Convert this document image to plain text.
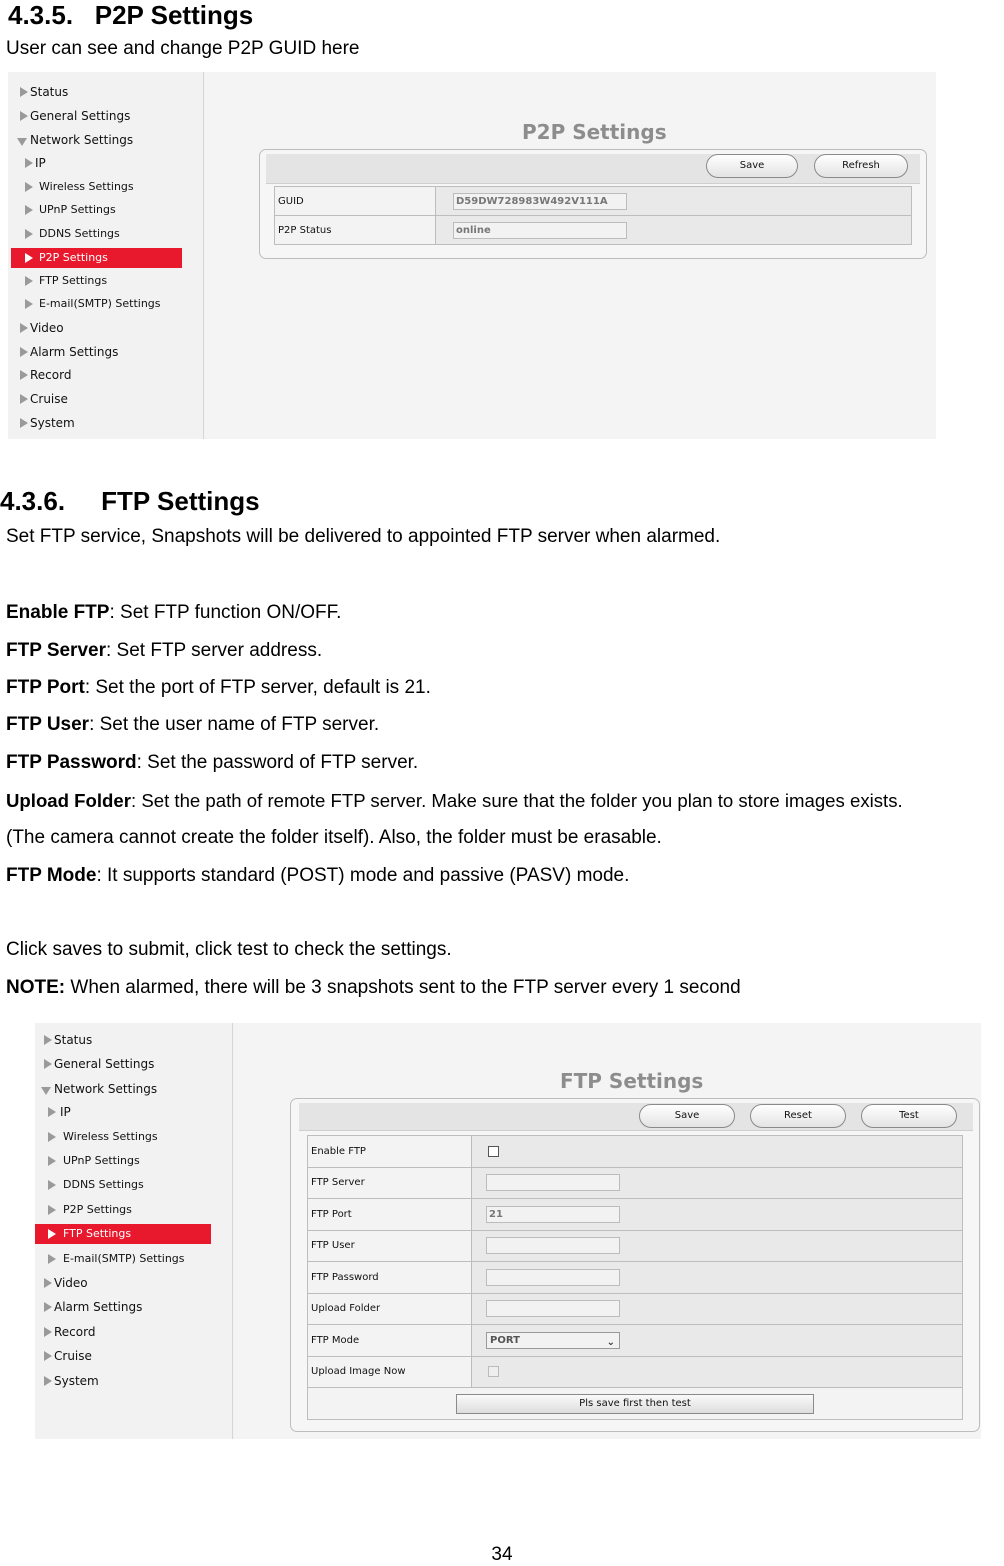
4.3.5.   P2P Settings
User can see and change P2P GUID here
Status
General Settings
Network Settings
IP
Wireless Settings
UPnP Settings
DDNS Settings
P2P Settings
FTP Settings
E-mail(SMTP) Settings
Video
Alarm Settings
Record
Cruise
System
P2P Settings
Save	Refresh
GUID	D59DW728983W492V111A
P2P Status	online
4.3.6.     FTP Settings
Set FTP service, Snapshots will be delivered to appointed FTP server when alarmed.
Enable FTP: Set FTP function ON/OFF.
FTP Server: Set FTP server address.
FTP Port: Set the port of FTP server, default is 21.
FTP User: Set the user name of FTP server.
FTP Password: Set the password of FTP server.
Upload Folder: Set the path of remote FTP server. Make sure that the folder you plan to store images exists.
(The camera cannot create the folder itself). Also, the folder must be erasable.
FTP Mode: It supports standard (POST) mode and passive (PASV) mode.
Click saves to submit, click test to check the settings.
NOTE: When alarmed, there will be 3 snapshots sent to the FTP server every 1 second
Status
General Settings
Network Settings
IP
Wireless Settings
UPnP Settings
DDNS Settings
P2P Settings
FTP Settings
E-mail(SMTP) Settings
Video
Alarm Settings
Record
Cruise
System
FTP Settings
Save	Reset	Test
Enable FTP	
FTP Server	
FTP Port	21
FTP User	
FTP Password	
Upload Folder	
FTP Mode	PORT ⌄

Upload Image Now	

Pls save first then test	
34
